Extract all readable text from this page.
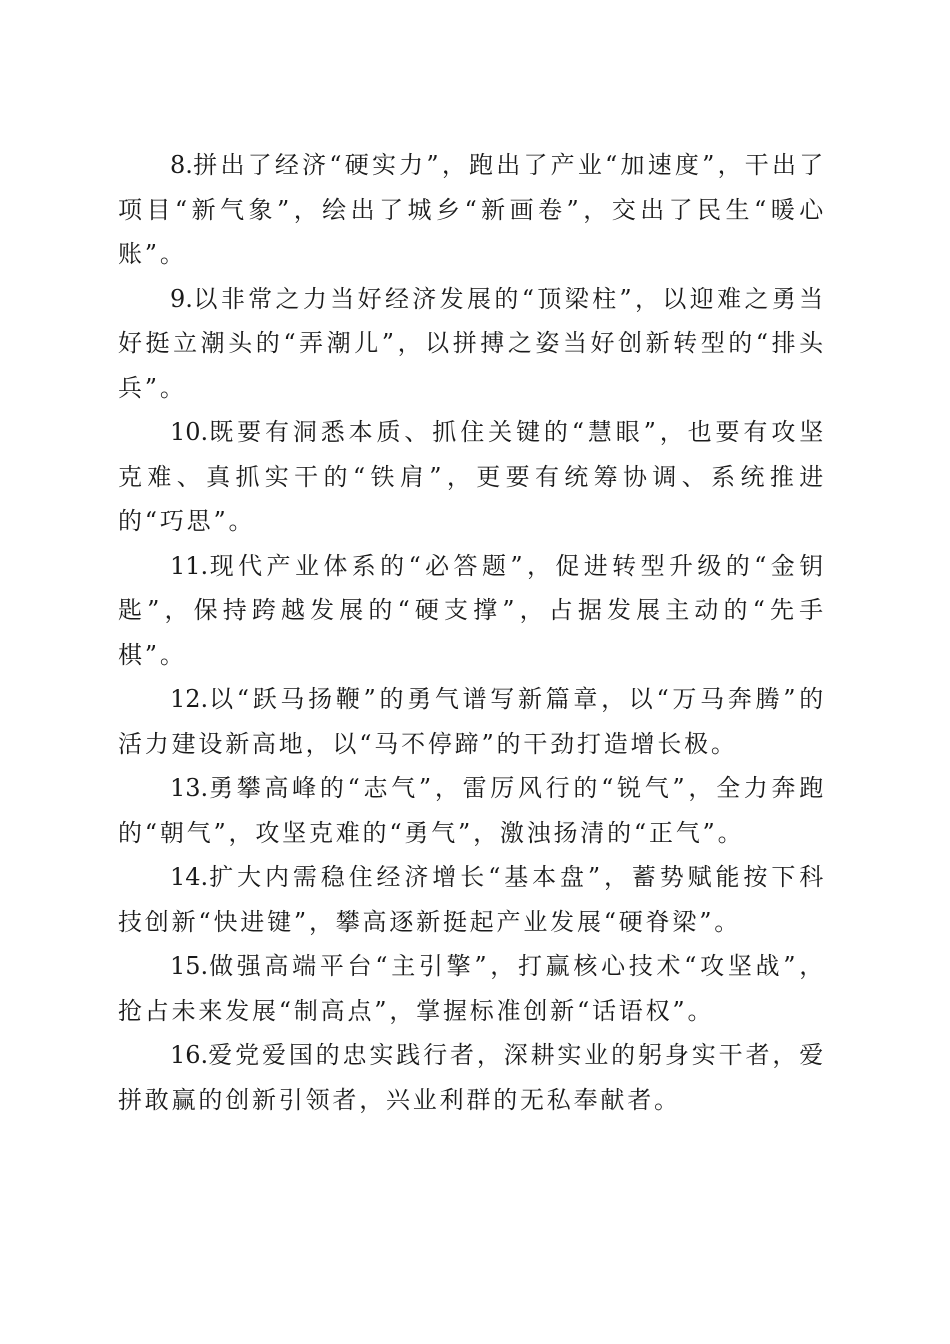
8.拼出了经济“硬实力”，跑出了产业“加速度”，干出了项目“新气象”，绘出了城乡“新画卷”，交出了民生“暖心账”。

9.以非常之力当好经济发展的“顶梁柱”，以迎难之勇当好挺立潮头的“弄潮儿”，以拼搏之姿当好创新转型的“排头兵”。

10.既要有洞悉本质、抓住关键的“慧眼”，也要有攻坚克难、真抓实干的“铁肩”，更要有统筹协调、系统推进的“巧思”。

11.现代产业体系的“必答题”，促进转型升级的“金钥匙”，保持跨越发展的“硬支撑”，占据发展主动的“先手棋”。

12.以“跃马扬鞭”的勇气谱写新篇章，以“万马奔腾”的活力建设新高地，以“马不停蹄”的干劲打造增长极。

13.勇攀高峰的“志气”，雷厉风行的“锐气”，全力奔跑的“朝气”，攻坚克难的“勇气”，激浊扬清的“正气”。

14.扩大内需稳住经济增长“基本盘”，蓄势赋能按下科技创新“快进键”，攀高逐新挺起产业发展“硬脊梁”。

15.做强高端平台“主引擎”，打赢核心技术“攻坚战”，抢占未来发展“制高点”，掌握标准创新“话语权”。

16.爱党爱国的忠实践行者，深耕实业的躬身实干者，爱拼敢赢的创新引领者，兴业利群的无私奉献者。
